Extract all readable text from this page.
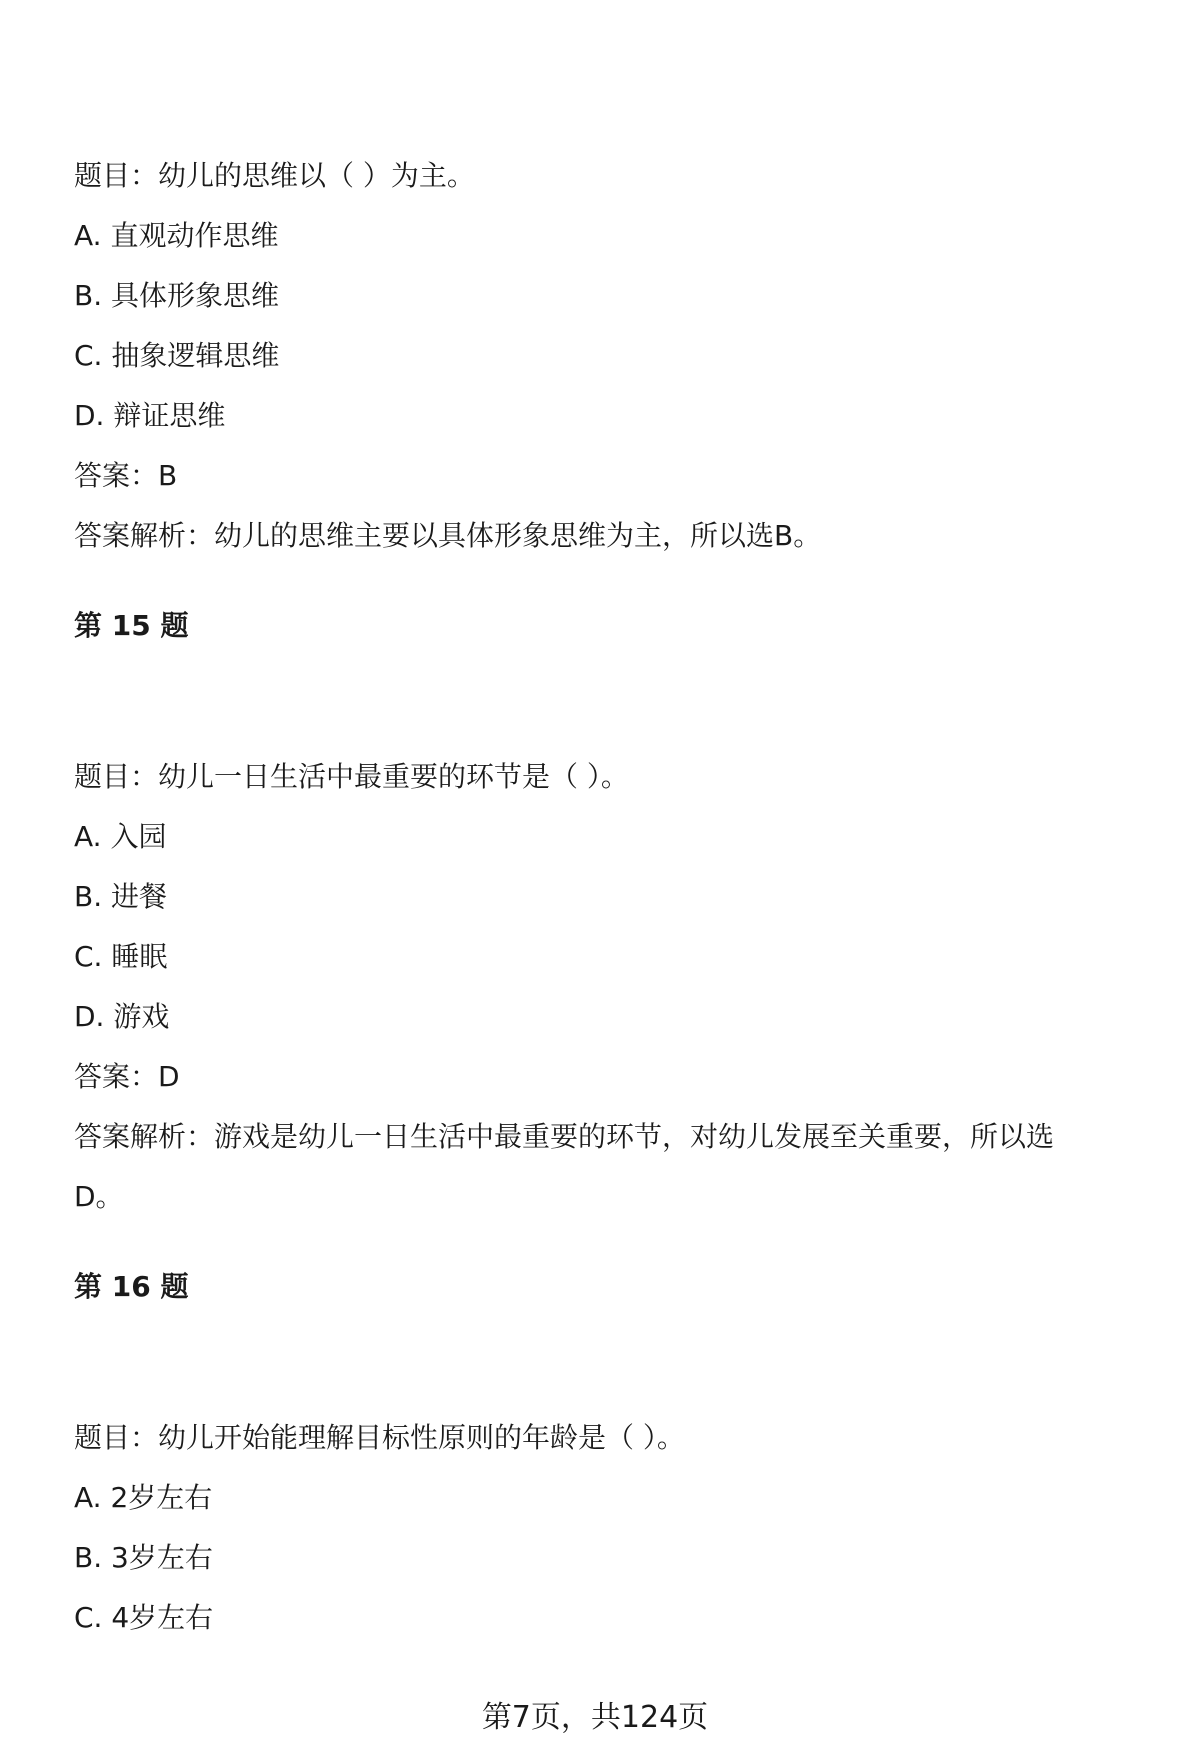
题目：幼儿的思维以（ ）为主。
A. 直观动作思维
B. 具体形象思维
C. 抽象逻辑思维
D. 辩证思维
答案：B
答案解析：幼儿的思维主要以具体形象思维为主，所以选B。
第 15 题
题目：幼儿一日生活中最重要的环节是（ ）。
A. 入园
B. 进餐
C. 睡眠
D. 游戏
答案：D
答案解析：游戏是幼儿一日生活中最重要的环节，对幼儿发展至关重要，所以选
D。
第 16 题
题目：幼儿开始能理解目标性原则的年龄是（ ）。
A. 2岁左右
B. 3岁左右
C. 4岁左右
第7页，共124页
